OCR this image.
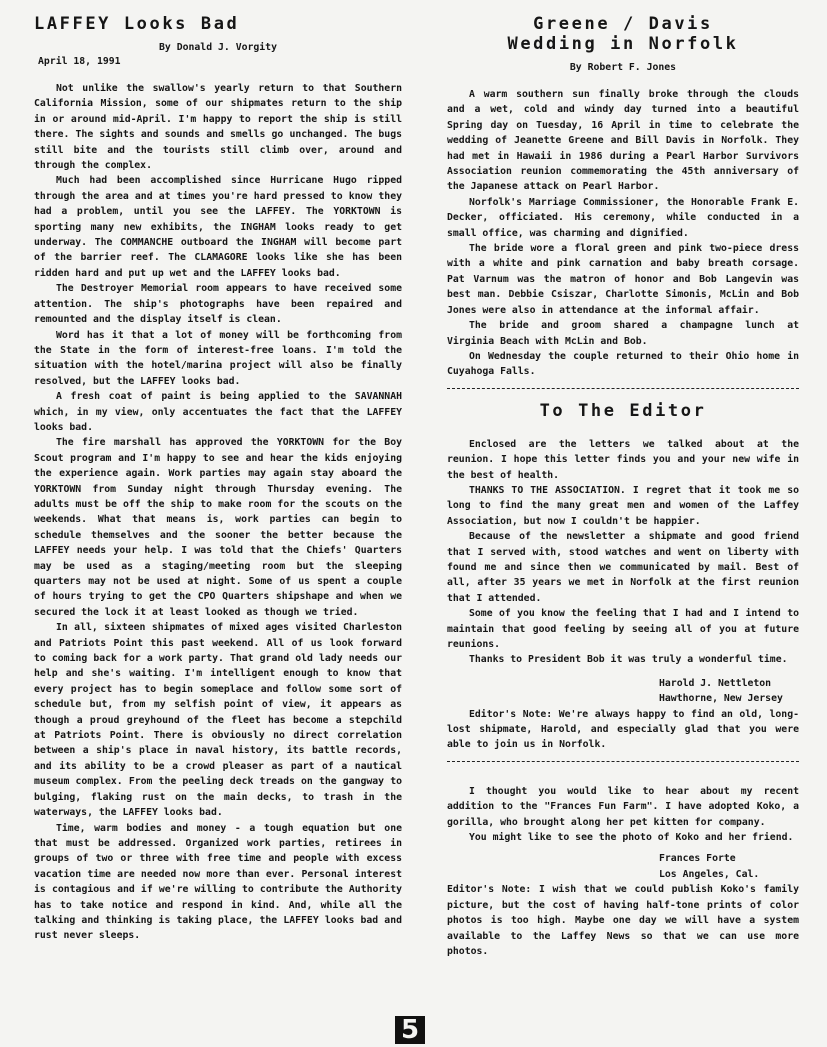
LAFFEY Looks Bad
By Donald J. Vorgity
April 18, 1991

Not unlike the swallow's yearly return to that Southern California Mission, some of our shipmates return to the ship in or around mid-April. I'm happy to report the ship is still there. The sights and sounds and smells go unchanged. The bugs still bite and the tourists still climb over, around and through the complex.

Much had been accomplished since Hurricane Hugo ripped through the area and at times you're hard pressed to know they had a problem, until you see the LAFFEY. The YORKTOWN is sporting many new exhibits, the INGHAM looks ready to get underway. The COMMANCHE outboard the INGHAM will become part of the barrier reef. The CLAMAGORE looks like she has been ridden hard and put up wet and the LAFFEY looks bad.

The Destroyer Memorial room appears to have received some attention. The ship's photographs have been repaired and remounted and the display itself is clean.

Word has it that a lot of money will be forthcoming from the State in the form of interest-free loans. I'm told the situation with the hotel/marina project will also be finally resolved, but the LAFFEY looks bad.

A fresh coat of paint is being applied to the SAVANNAH which, in my view, only accentuates the fact that the LAFFEY looks bad.

The fire marshall has approved the YORKTOWN for the Boy Scout program and I'm happy to see and hear the kids enjoying the experience again. Work parties may again stay aboard the YORKTOWN from Sunday night through Thursday evening. The adults must be off the ship to make room for the scouts on the weekends. What that means is, work parties can begin to schedule themselves and the sooner the better because the LAFFEY needs your help. I was told that the Chiefs' Quarters may be used as a staging/meeting room but the sleeping quarters may not be used at night. Some of us spent a couple of hours trying to get the CPO Quarters shipshape and when we secured the lock it at least looked as though we tried.

In all, sixteen shipmates of mixed ages visited Charleston and Patriots Point this past weekend. All of us look forward to coming back for a work party. That grand old lady needs our help and she's waiting. I'm intelligent enough to know that every project has to begin someplace and follow some sort of schedule but, from my selfish point of view, it appears as though a proud greyhound of the fleet has become a stepchild at Patriots Point. There is obviously no direct correlation between a ship's place in naval history, its battle records, and its ability to be a crowd pleaser as part of a nautical museum complex. From the peeling deck treads on the gangway to bulging, flaking rust on the main decks, to trash in the waterways, the LAFFEY looks bad.

Time, warm bodies and money - a tough equation but one that must be addressed. Organized work parties, retirees in groups of two or three with free time and people with excess vacation time are needed now more than ever. Personal interest is contagious and if we're willing to contribute the Authority has to take notice and respond in kind. And, while all the talking and thinking is taking place, the LAFFEY looks bad and rust never sleeps.

Greene / Davis
Wedding in Norfolk
By Robert F. Jones

A warm southern sun finally broke through the clouds and a wet, cold and windy day turned into a beautiful Spring day on Tuesday, 16 April in time to celebrate the wedding of Jeanette Greene and Bill Davis in Norfolk. They had met in Hawaii in 1986 during a Pearl Harbor Survivors Association reunion commemorating the 45th anniversary of the Japanese attack on Pearl Harbor.

Norfolk's Marriage Commissioner, the Honorable Frank E. Decker, officiated. His ceremony, while conducted in a small office, was charming and dignified.

The bride wore a floral green and pink two-piece dress with a white and pink carnation and baby breath corsage. Pat Varnum was the matron of honor and Bob Langevin was best man. Debbie Csiszar, Charlotte Simonis, McLin and Bob Jones were also in attendance at the informal affair.

The bride and groom shared a champagne lunch at Virginia Beach with McLin and Bob.

On Wednesday the couple returned to their Ohio home in Cuyahoga Falls.

To The Editor

Enclosed are the letters we talked about at the reunion. I hope this letter finds you and your new wife in the best of health.

THANKS TO THE ASSOCIATION. I regret that it took me so long to find the many great men and women of the Laffey Association, but now I couldn't be happier.

Because of the newsletter a shipmate and good friend that I served with, stood watches and went on liberty with found me and since then we communicated by mail. Best of all, after 35 years we met in Norfolk at the first reunion that I attended.

Some of you know the feeling that I had and I intend to maintain that good feeling by seeing all of you at future reunions.

Thanks to President Bob it was truly a wonderful time.

Harold J. Nettleton
Hawthorne, New Jersey

Editor's Note: We're always happy to find an old, long-lost shipmate, Harold, and especially glad that you were able to join us in Norfolk.

I thought you would like to hear about my recent addition to the "Frances Fun Farm". I have adopted Koko, a gorilla, who brought along her pet kitten for company.

You might like to see the photo of Koko and her friend.

Frances Forte
Los Angeles, Cal.

Editor's Note: I wish that we could publish Koko's family picture, but the cost of having half-tone prints of color photos is too high. Maybe one day we will have a system available to the Laffey News so that we can use more photos.

5
